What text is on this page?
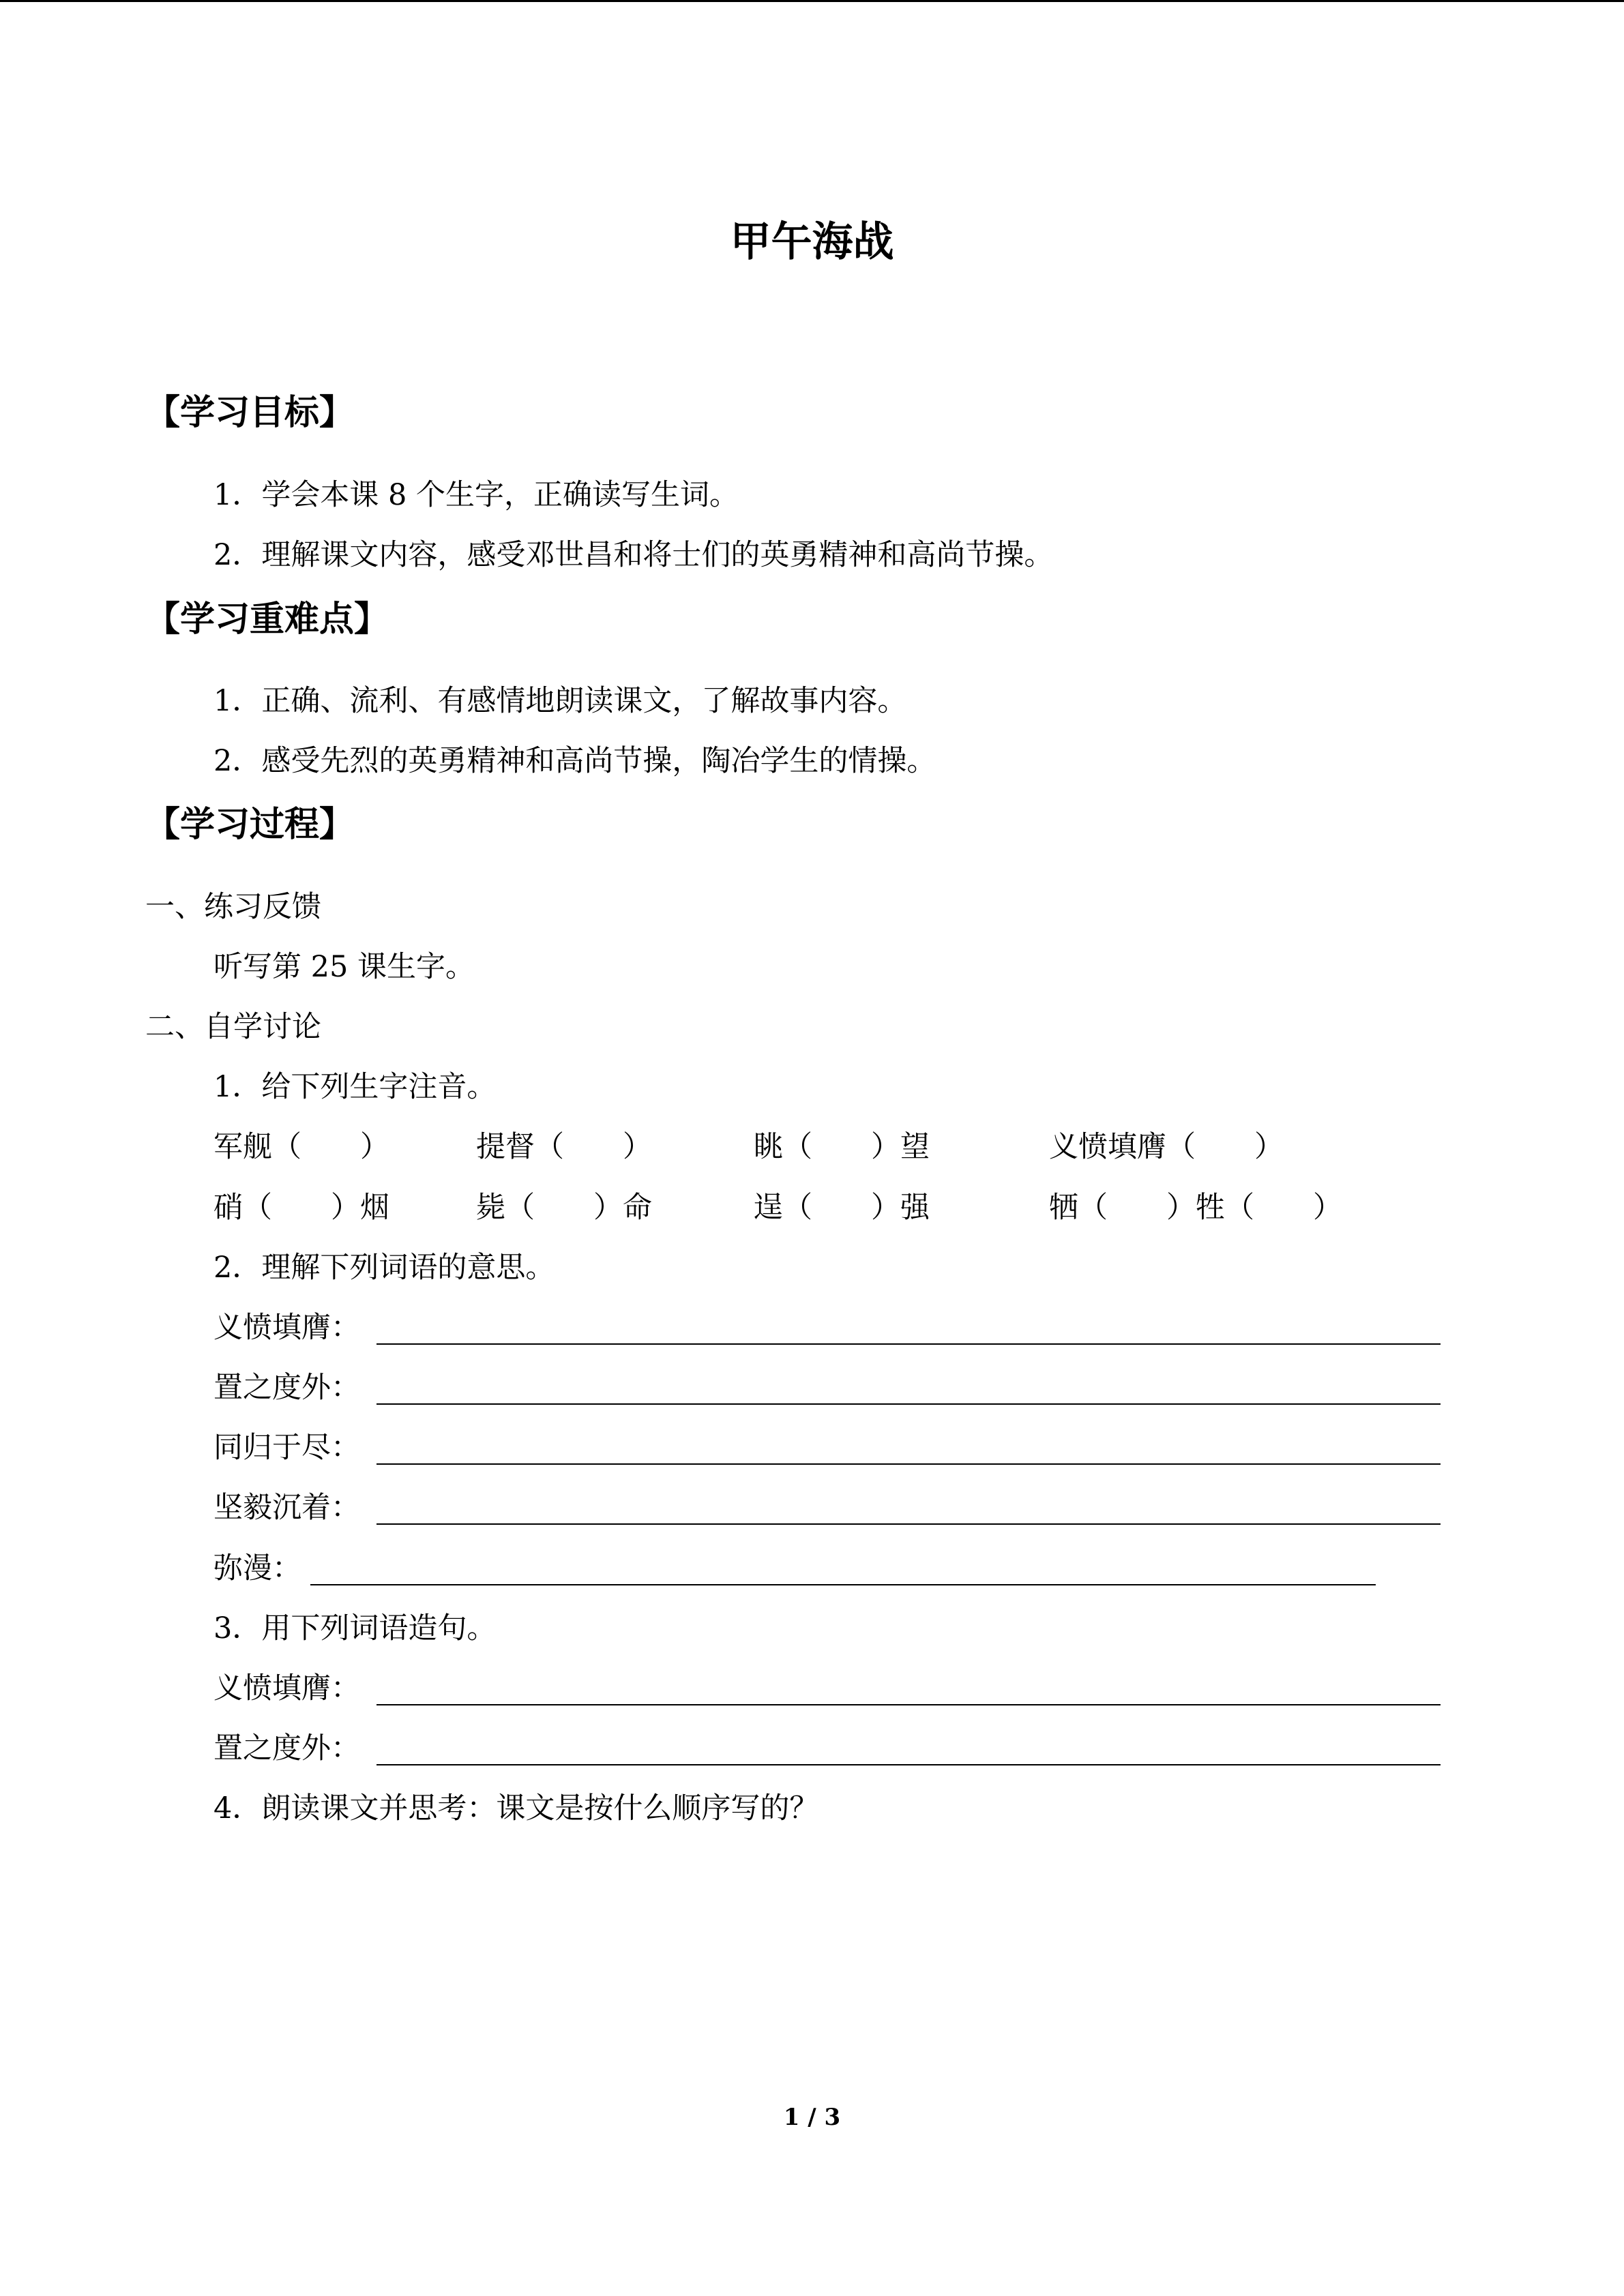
甲午海战
【学习目标】
1．学会本课 8 个生字，正确读写生词。
2．理解课文内容，感受邓世昌和将士们的英勇精神和高尚节操。
【学习重难点】
1．正确、流利、有感情地朗读课文，了解故事内容。
2．感受先烈的英勇精神和高尚节操，陶冶学生的情操。
【学习过程】
一、练习反馈
听写第 25 课生字。
二、自学讨论
1．给下列生字注音。
军舰（　　）	提督（　　）	眺（　　）望	义愤填膺（　　）
硝（　　）烟	毙（　　）命	逞（　　）强	牺（　　）牲（　　）
2．理解下列词语的意思。
义愤填膺：
置之度外：
同归于尽：
坚毅沉着：
弥漫：
3．用下列词语造句。
义愤填膺：
置之度外：
4．朗读课文并思考：课文是按什么顺序写的？
1 / 3
